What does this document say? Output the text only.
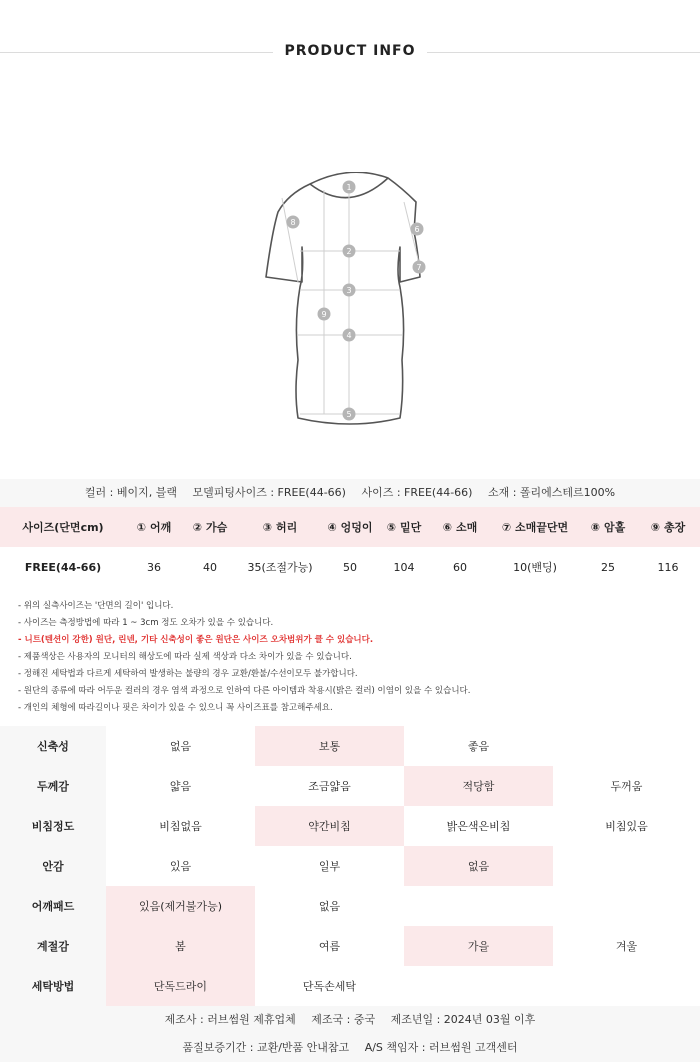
PRODUCT INFO
1
2
3
4
5
6
7
8
9
컬러 : 베이지, 블랙 모델피팅사이즈 : FREE(44-66) 사이즈 : FREE(44-66) 소재 : 폴리에스테르100%
사이즈(단면cm)	① 어깨	② 가슴	③ 허리	④ 엉덩이	⑤ 밑단	⑥ 소매	⑦ 소매끝단면	⑧ 암홀	⑨ 총장
FREE(44-66)	36	40	35(조절가능)	50	104	60	10(밴딩)	25	116
- 위의 실측사이즈는 '단면의 길이' 입니다.
- 사이즈는 측정방법에 따라 1 ~ 3cm 정도 오차가 있을 수 있습니다.
- 니트(텐션이 강한) 원단, 린넨, 기타 신축성이 좋은 원단은 사이즈 오차범위가 클 수 있습니다.
- 제품색상은 사용자의 모니터의 해상도에 따라 실제 색상과 다소 차이가 있을 수 있습니다.
- 정해진 세탁법과 다르게 세탁하여 발생하는 불량의 경우 교환/환불/수선이모두 불가합니다.
- 원단의 종류에 따라 어두운 컬러의 경우 염색 과정으로 인하여 다른 아이템과 착용시(밝은 컬러) 이염이 있을 수 있습니다.
- 개인의 체형에 따라길이나 핏은 차이가 있을 수 있으니 꼭 사이즈표를 참고해주세요.
신축성	없음	보통	좋음	
두께감	얇음	조금얇음	적당함	두꺼움
비침정도	비침없음	약간비침	밝은색은비침	비침있음
안감	있음	일부	없음	
어깨패드	있음(제거불가능)	없음		
계절감	봄	여름	가을	겨울
세탁방법	단독드라이	단독손세탁		
제조사 : 러브썸원 제휴업체 제조국 : 중국 제조년일 : 2024년 03월 이후
품질보증기간 : 교환/반품 안내참고 A/S 책임자 : 러브썸원 고객센터
